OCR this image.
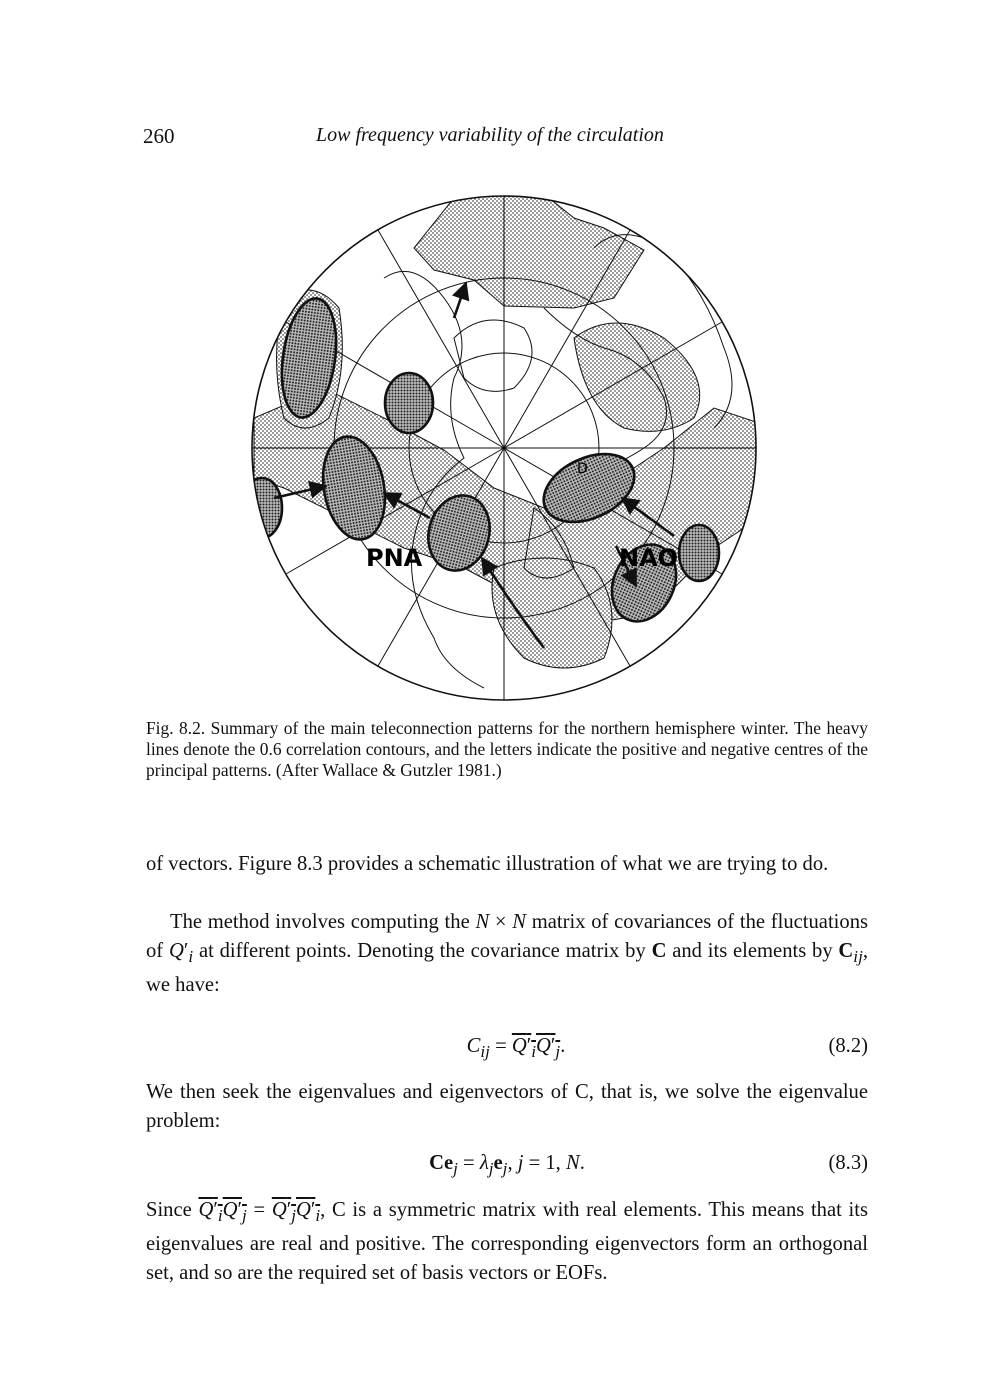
260	Low frequency variability of the circulation
PNA	NAO
D
Fig. 8.2. Summary of the main teleconnection patterns for the northern hemisphere winter. The heavy lines denote the 0.6 correlation contours, and the letters indicate the positive and negative centres of the principal patterns. (After Wallace & Gutzler 1981.)
of vectors. Figure 8.3 provides a schematic illustration of what we are trying to do.
The method involves computing the N × N matrix of covariances of the fluctuations of $Q'_i$ at different points. Denoting the covariance matrix by C and its elements by $C_{ij}$, we have:
$C_{ij} = Q'_iQ'_j$.	(8.2)
We then seek the eigenvalues and eigenvectors of C, that is, we solve the eigenvalue problem:
$Ce_j = \lambda_je_j$, j = 1, N.	(8.3)
Since $Q'_iQ'_j = Q'_jQ'_i$, C is a symmetric matrix with real elements. This means that its eigenvalues are real and positive. The corresponding eigenvectors form an orthogonal set, and so are the required set of basis vectors or EOFs.
